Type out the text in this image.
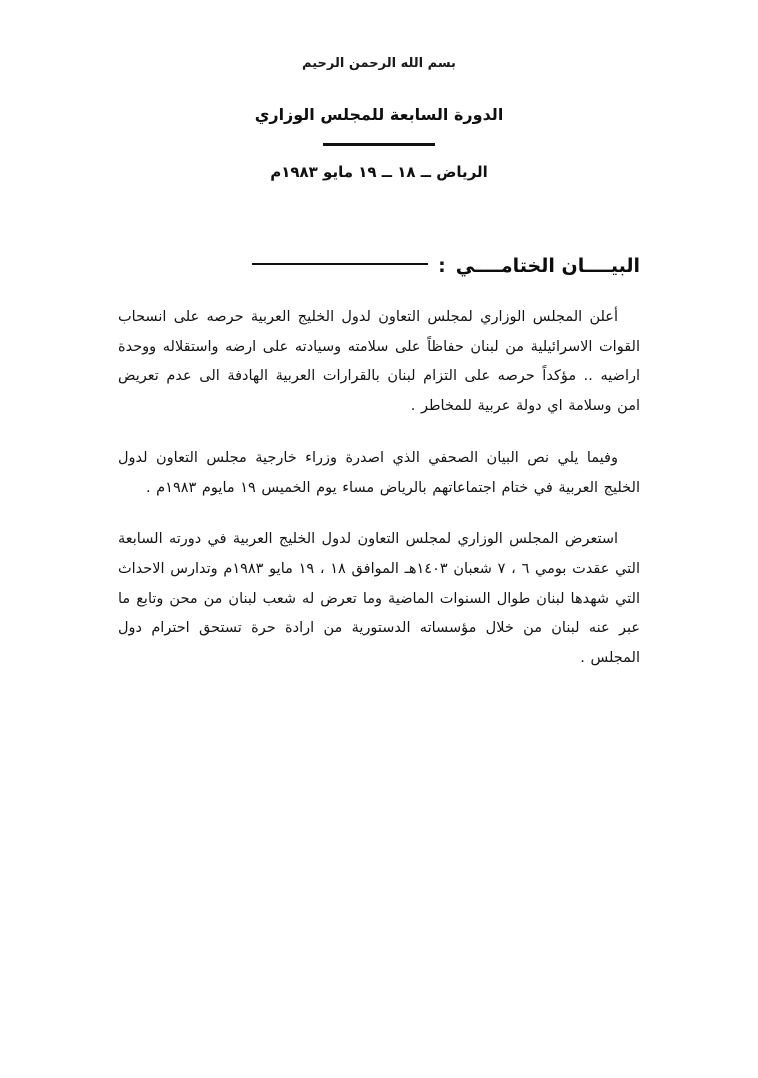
بسم الله الرحمن الرحيم
الدورة السابعة للمجلس الوزاري
الرياض ــ ١٨ ــ ١٩ مايو ١٩٨٣م
البيــــان الختامــــي
:

أعلن المجلس الوزاري لمجلس التعاون لدول الخليج العربية حرصه على انسحاب القوات الاسرائيلية من لبنان حفاظاً على سلامته وسيادته على ارضه واستقلاله ووحدة اراضيه .. مؤكداً حرصه على التزام لبنان بالقرارات العربية الهادفة الى عدم تعريض امن وسلامة اي دولة عربية للمخاطر .

وفيما يلي نص البيان الصحفي الذي اصدرة وزراء خارجية مجلس التعاون لدول الخليج العربية في ختام اجتماعاتهم بالرياض مساء يوم الخميس ١٩ مايوم ١٩٨٣م .

استعرض المجلس الوزاري لمجلس التعاون لدول الخليج العربية في دورته السابعة التي عقدت بومي ٦ ، ٧ شعبان ١٤٠٣هـ الموافق ١٨ ، ١٩ مايو ١٩٨٣م وتدارس الاحداث التي شهدها لبنان طوال السنوات الماضية وما تعرض له شعب لبنان من محن وتابع ما عبر عنه لبنان من خلال مؤسساته الدستورية من ارادة حرة تستحق احترام دول المجلس .
